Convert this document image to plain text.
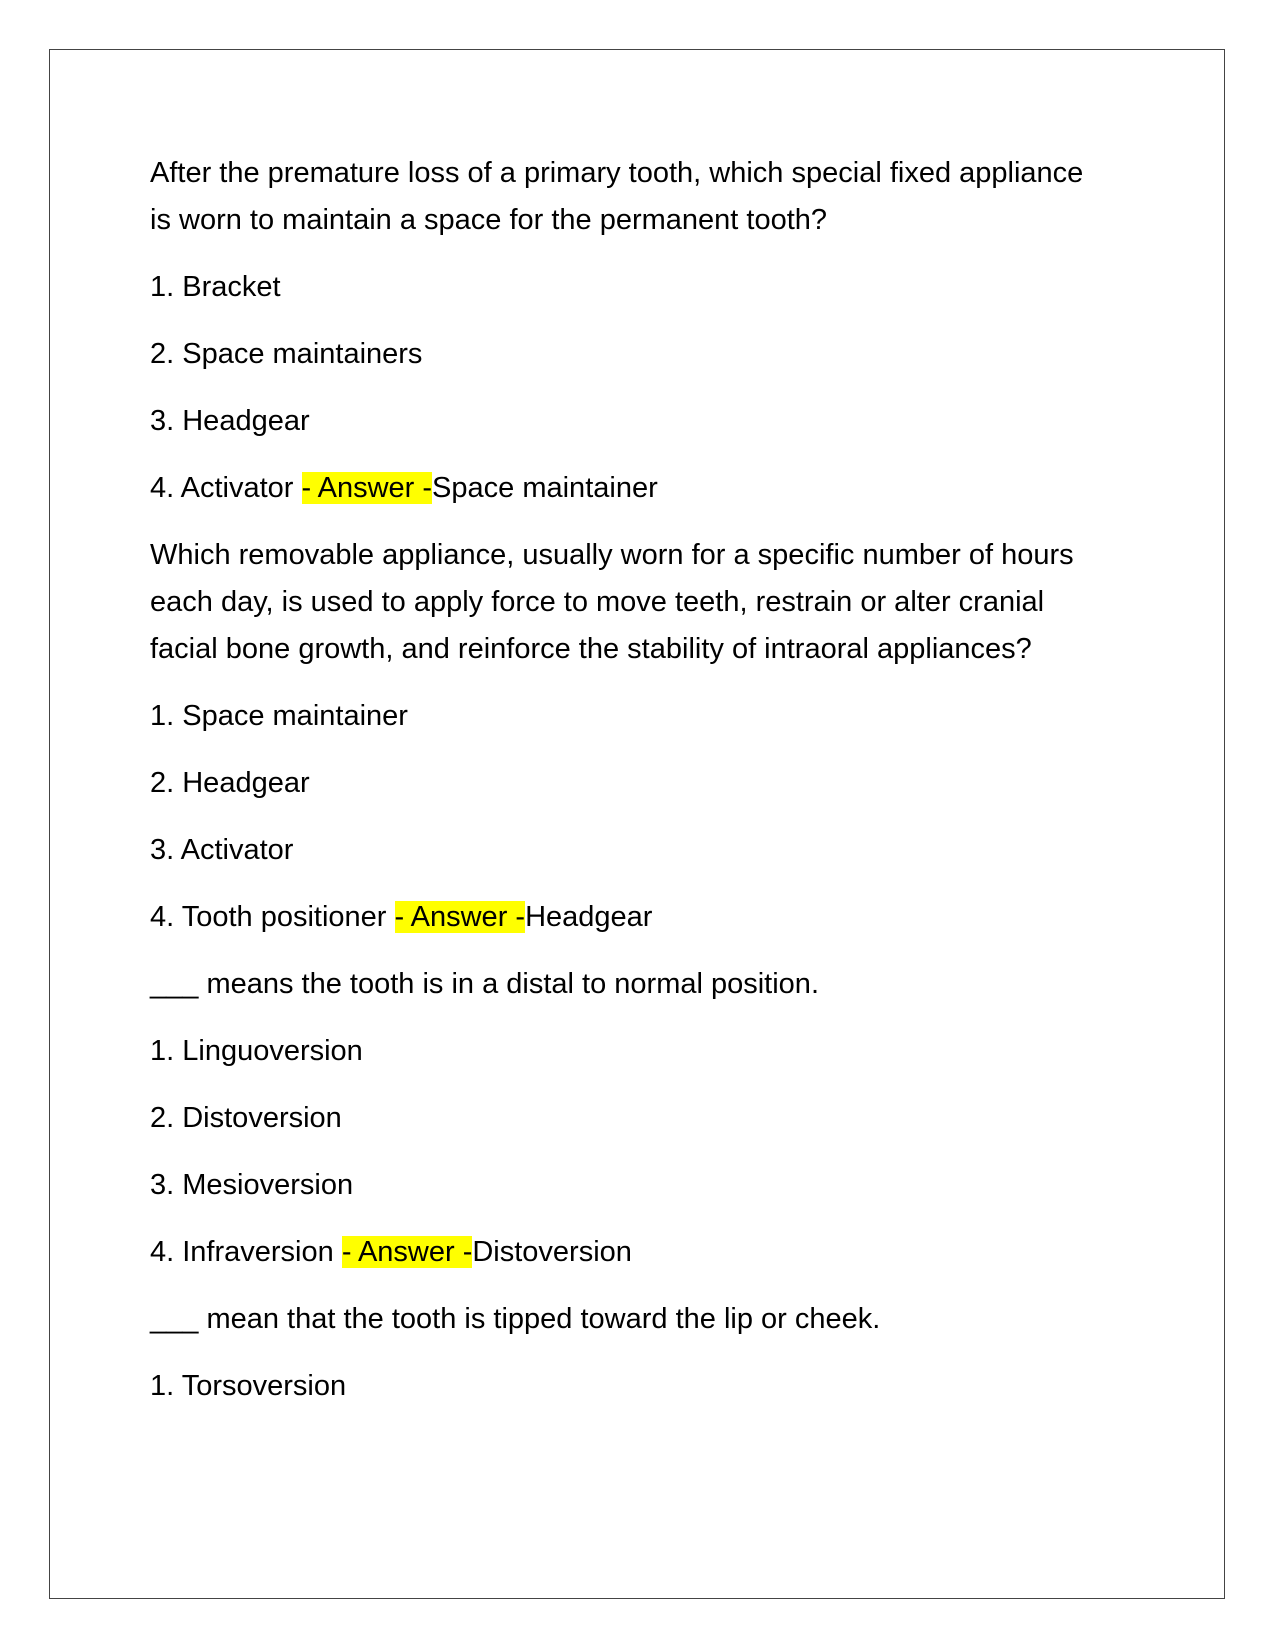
After the premature loss of a primary tooth, which special fixed appliance is worn to maintain a space for the permanent tooth?

1. Bracket

2. Space maintainers

3. Headgear

4. Activator - Answer -Space maintainer

Which removable appliance, usually worn for a specific number of hours each day, is used to apply force to move teeth, restrain or alter cranial facial bone growth, and reinforce the stability of intraoral appliances?

1. Space maintainer

2. Headgear

3. Activator

4. Tooth positioner - Answer -Headgear

___ means the tooth is in a distal to normal position.

1. Linguoversion

2. Distoversion

3. Mesioversion

4. Infraversion - Answer -Distoversion

___ mean that the tooth is tipped toward the lip or cheek.

1. Torsoversion
